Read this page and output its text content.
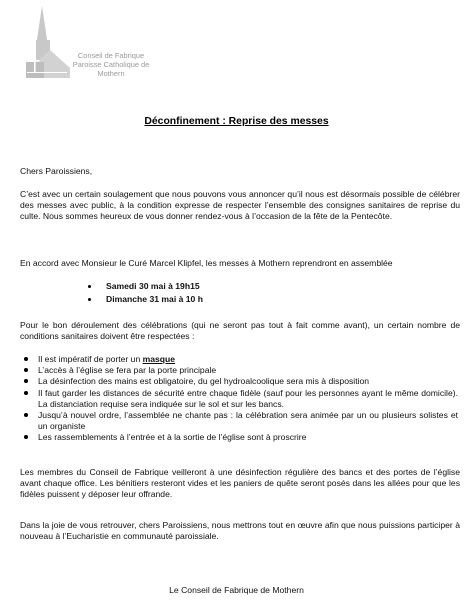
Conseil de Fabrique
Paroisse Catholique de
Mothern
Déconfinement : Reprise des messes

Chers Paroissiens,

C’est avec un certain soulagement que nous pouvons vous annoncer qu’il nous est désormais possible de célébrer des messes avec public, à la condition expresse de respecter l’ensemble des consignes sanitaires de reprise du culte. Nous sommes heureux de vous donner rendez-vous à l’occasion de la fête de la Pentecôte.

En accord avec Monsieur le Curé Marcel Klipfel, les messes à Mothern reprendront en assemblée

Samedi 30 mai à 19h15
Dimanche 31 mai à 10 h

Pour le bon déroulement des célébrations (qui ne seront pas tout à fait comme avant), un certain nombre de conditions sanitaires doivent être respectées :

Il est impératif de porter un masque
L’accès à l’église se fera par la porte principale
La désinfection des mains est obligatoire, du gel hydroalcoolique sera mis à disposition
Il faut garder les distances de sécurité entre chaque fidèle (sauf pour les personnes ayant le même domicile). La distanciation requise sera indiquée sur le sol et sur les bancs.
Jusqu’à nouvel ordre, l’assemblée ne chante pas : la célébration sera animée par un ou plusieurs solistes et un organiste
Les rassemblements à l’entrée et à la sortie de l’église sont à proscrire

Les membres du Conseil de Fabrique veilleront à une désinfection régulière des bancs et des portes de l’église avant chaque office. Les bénitiers resteront vides et les paniers de quête seront posés dans les allées pour que les fidèles puissent y déposer leur offrande.

Dans la joie de vous retrouver, chers Paroissiens, nous mettrons tout en œuvre afin que nous puissions participer à nouveau à l’Eucharistie en communauté paroissiale.

Le Conseil de Fabrique de Mothern
